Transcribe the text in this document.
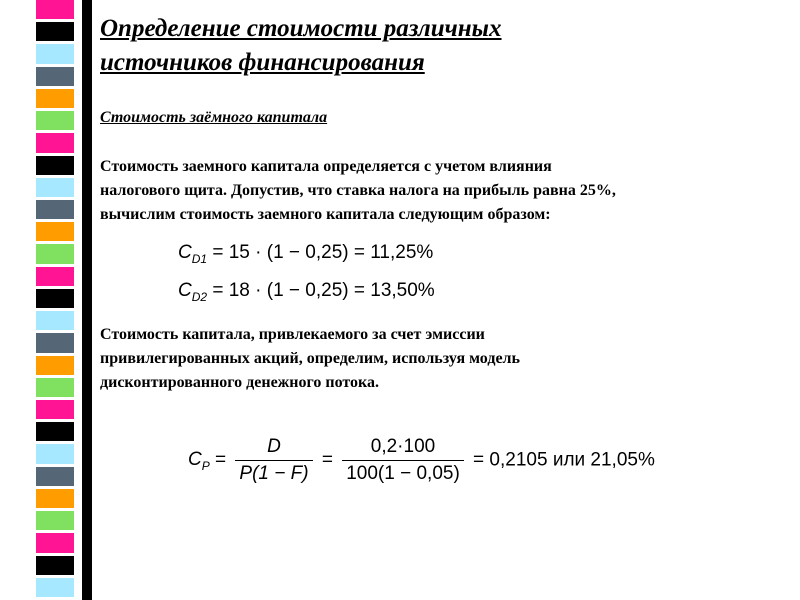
Определение стоимости различных
источников финансирования
Стоимость заёмного капитала
Стоимость заемного капитала определяется с учетом влияния
налогового щита. Допустив, что ставка налога на прибыль равна 25%,
вычислим стоимость заемного капитала следующим образом:
$C_{D1} = 15 \cdot (1 - 0,25) = 11,25\%$
$C_{D2} = 18 \cdot (1 - 0,25) = 13,50\%$
Стоимость капитала, привлекаемого за счет эмиссии
привилегированных акций, определим, используя модель
дисконтированного денежного потока.
$C_P = \frac{D}{P(1 - F)} = \frac{0,2\cdot 100}{100(1 - 0,05)} = 0,2105$ или 21,05%
